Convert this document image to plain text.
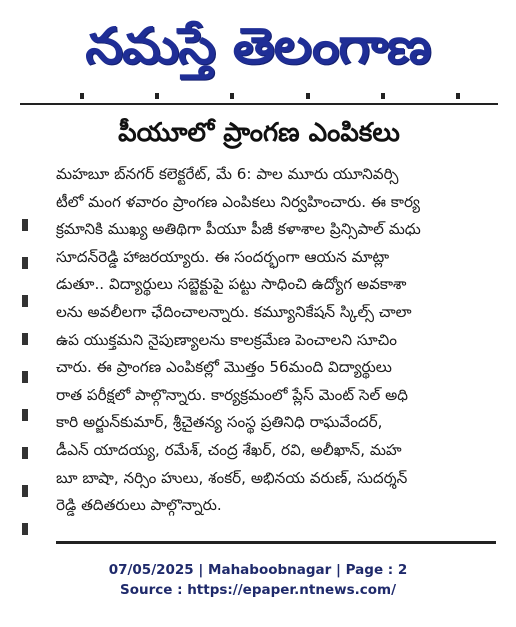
నమస్తే తెలంగాణ
పీయూలో ప్రాంగణ ఎంపికలు
మహబూ బ్‌నగర్ కలెక్టరేట్, మే 6: పాల మూరు యూనివర్సి
టీలో మంగ ళవారం ప్రాంగణ ఎంపికలు నిర్వహించారు. ఈ కార్య
క్రమానికి ముఖ్య అతిథిగా పీయూ పీజీ కళాశాల ప్రిన్సిపాల్ మధు
సూదన్‌రెడ్డి హాజరయ్యారు. ఈ సందర్భంగా ఆయన మాట్లా
డుతూ.. విద్యార్థులు సబ్జెక్టుపై పట్టు సాధించి ఉద్యోగ అవకాశా
లను అవలీలగా ఛేదించాలన్నారు. కమ్యూనికేషన్ స్కిల్స్ చాలా
ఉప యుక్తమని నైపుణ్యాలను కాలక్రమేణ పెంచాలని సూచిం
చారు. ఈ ప్రాంగణ ఎంపికల్లో మొత్తం 56మంది విద్యార్థులు
రాత పరీక్షలో పాల్గొన్నారు. కార్యక్రమంలో ప్లేస్ మెంట్ సెల్ అధి
కారి అర్జున్‌కుమార్, శ్రీచైతన్య సంస్థ ప్రతినిధి రాఘవేందర్,
డీఎన్ యాదయ్య, రమేశ్, చంద్ర శేఖర్, రవి, అలీఖాన్, మహ
బూ బాషా, నర్సిం హులు, శంకర్, అభినయ వరుణ్, సుదర్శన్
రెడ్డి తదితరులు పాల్గొన్నారు.
07/05/2025 | Mahaboobnagar | Page : 2
Source : https://epaper.ntnews.com/
